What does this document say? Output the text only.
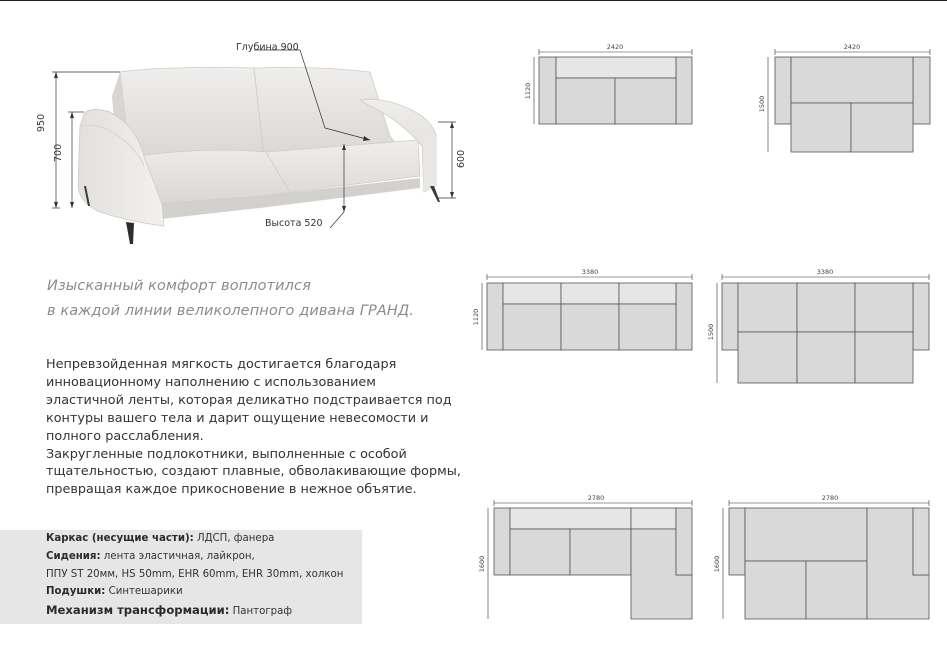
Глубина 900
Высота 520
950
700	600
Изысканный комфорт воплотился
в каждой линии великолепного дивана ГРАНД.

Непревзойденная мягкость достигается благодаря

инновационному наполнению с использованием

эластичной ленты, которая деликатно подстраивается под

контуры вашего тела и дарит ощущение невесомости и

полного расслабления.

Закругленные подлокотники, выполненные с особой

тщательностью, создают плавные, обволакивающие формы,

превращая каждое прикосновение в нежное объятие.

Каркас (несущие части): ЛДСП, фанера
Сидения: лента эластичная, лайкрон,
ППУ ST 20мм, HS 50mm, EHR 60mm, EHR 30mm, холкон
Подушки: Синтешарики
Механизм трансформации: Пантограф
2420
1120
2420
1500
3380
1120
3380
1500
2780
1600
2780
1600
